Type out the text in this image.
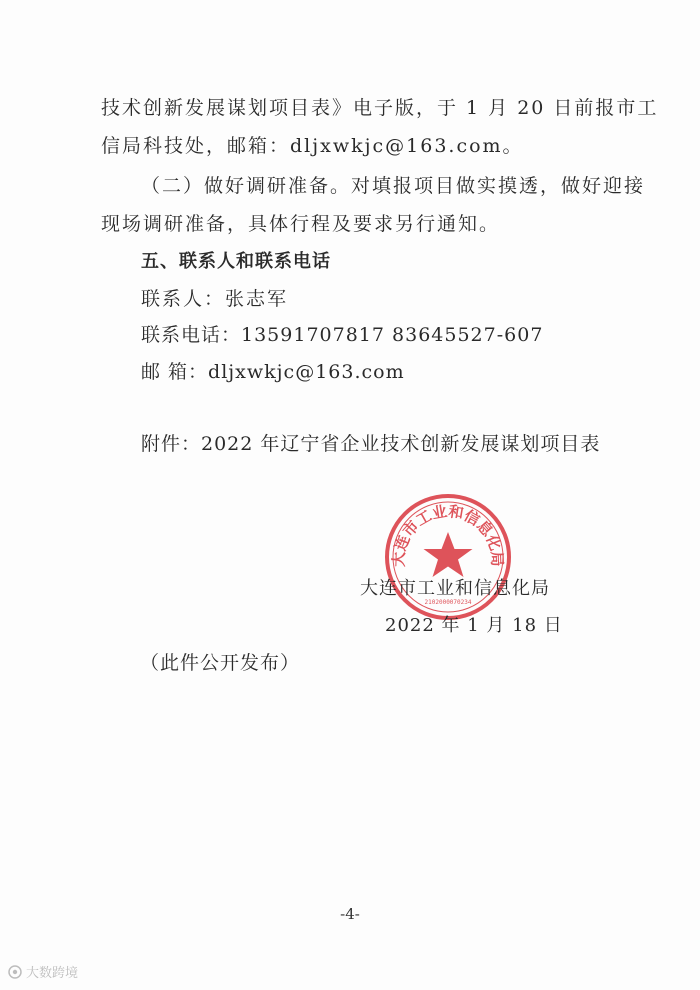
技术创新发展谋划项目表》电子版，于 1 月 20 日前报市工
信局科技处，邮箱：dljxwkjc@163.com。
（二）做好调研准备。对填报项目做实摸透，做好迎接
现场调研准备，具体行程及要求另行通知。
五、联系人和联系电话
联系人：张志军
联系电话：13591707817 83645527-607
邮 箱：dljxwkjc@163.com
附件：2022 年辽宁省企业技术创新发展谋划项目表
大连市工业和信息化局
2102000070234
大连市工业和信息化局
2022 年 1 月 18 日
（此件公开发布）
-4-
大数跨境
